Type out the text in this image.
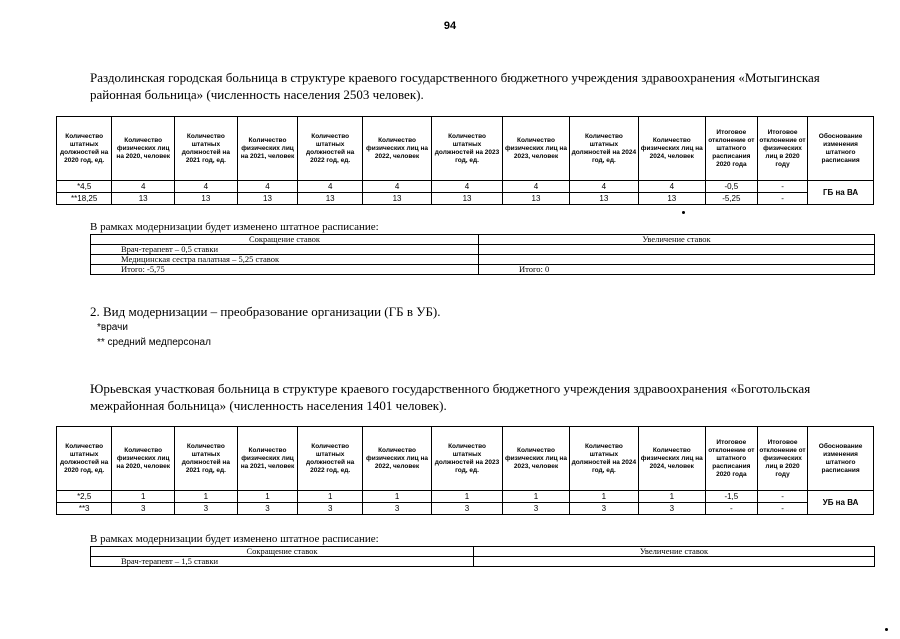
94
Раздолинская городская больница в структуре краевого государственного бюджетного учреждения здравоохранения «Мотыгинская районная больница» (численность населения 2503 человек).
Количество штатных должностей на 2020 год, ед.	Количество физических лиц на 2020, человек	Количество штатных должностей на 2021 год, ед.	Количество физических лиц на 2021, человек	Количество штатных должностей на 2022 год, ед.	Количество физических лиц на 2022, человек	Количество штатных должностей на 2023 год, ед.	Количество физических лиц на 2023, человек	Количество штатных должностей на 2024 год, ед.	Количество физических лиц на 2024, человек	Итоговое отклонение от штатного расписания 2020 года	Итоговое отклонение от физических лиц в 2020 году	Обоснование изменения штатного расписания
*4,5	4	4	4	4	4	4	4	4	4	-0,5	-	ГБ на ВА
**18,25	13	13	13	13	13	13	13	13	13	-5,25	-	
В рамках модернизации будет изменено штатное расписание:
Сокращение ставок	Увеличение ставок
Врач-терапевт – 0,5 ставки	
Медицинская сестра палатная – 5,25 ставок	
Итого: -5,75	Итого: 0
2. Вид модернизации – преобразование организации (ГБ в УБ).
*врачи
** средний медперсонал
Юрьевская участковая больница в структуре краевого государственного бюджетного учреждения здравоохранения «Боготольская межрайонная больница» (численность населения 1401 человек).
Количество штатных должностей на 2020 год, ед.	Количество физических лиц на 2020, человек	Количество штатных должностей на 2021 год, ед.	Количество физических лиц на 2021, человек	Количество штатных должностей на 2022 год, ед.	Количество физических лиц на 2022, человек	Количество штатных должностей на 2023 год, ед.	Количество физических лиц на 2023, человек	Количество штатных должностей на 2024 год, ед.	Количество физических лиц на 2024, человек	Итоговое отклонение от штатного расписания 2020 года	Итоговое отклонение от физических лиц в 2020 году	Обоснование изменения штатного расписания
*2,5	1	1	1	1	1	1	1	1	1	-1,5	-	УБ на ВА
**3	3	3	3	3	3	3	3	3	3	-	-	
В рамках модернизации будет изменено штатное расписание:
Сокращение ставок	Увеличение ставок
Врач-терапевт – 1,5 ставки	
